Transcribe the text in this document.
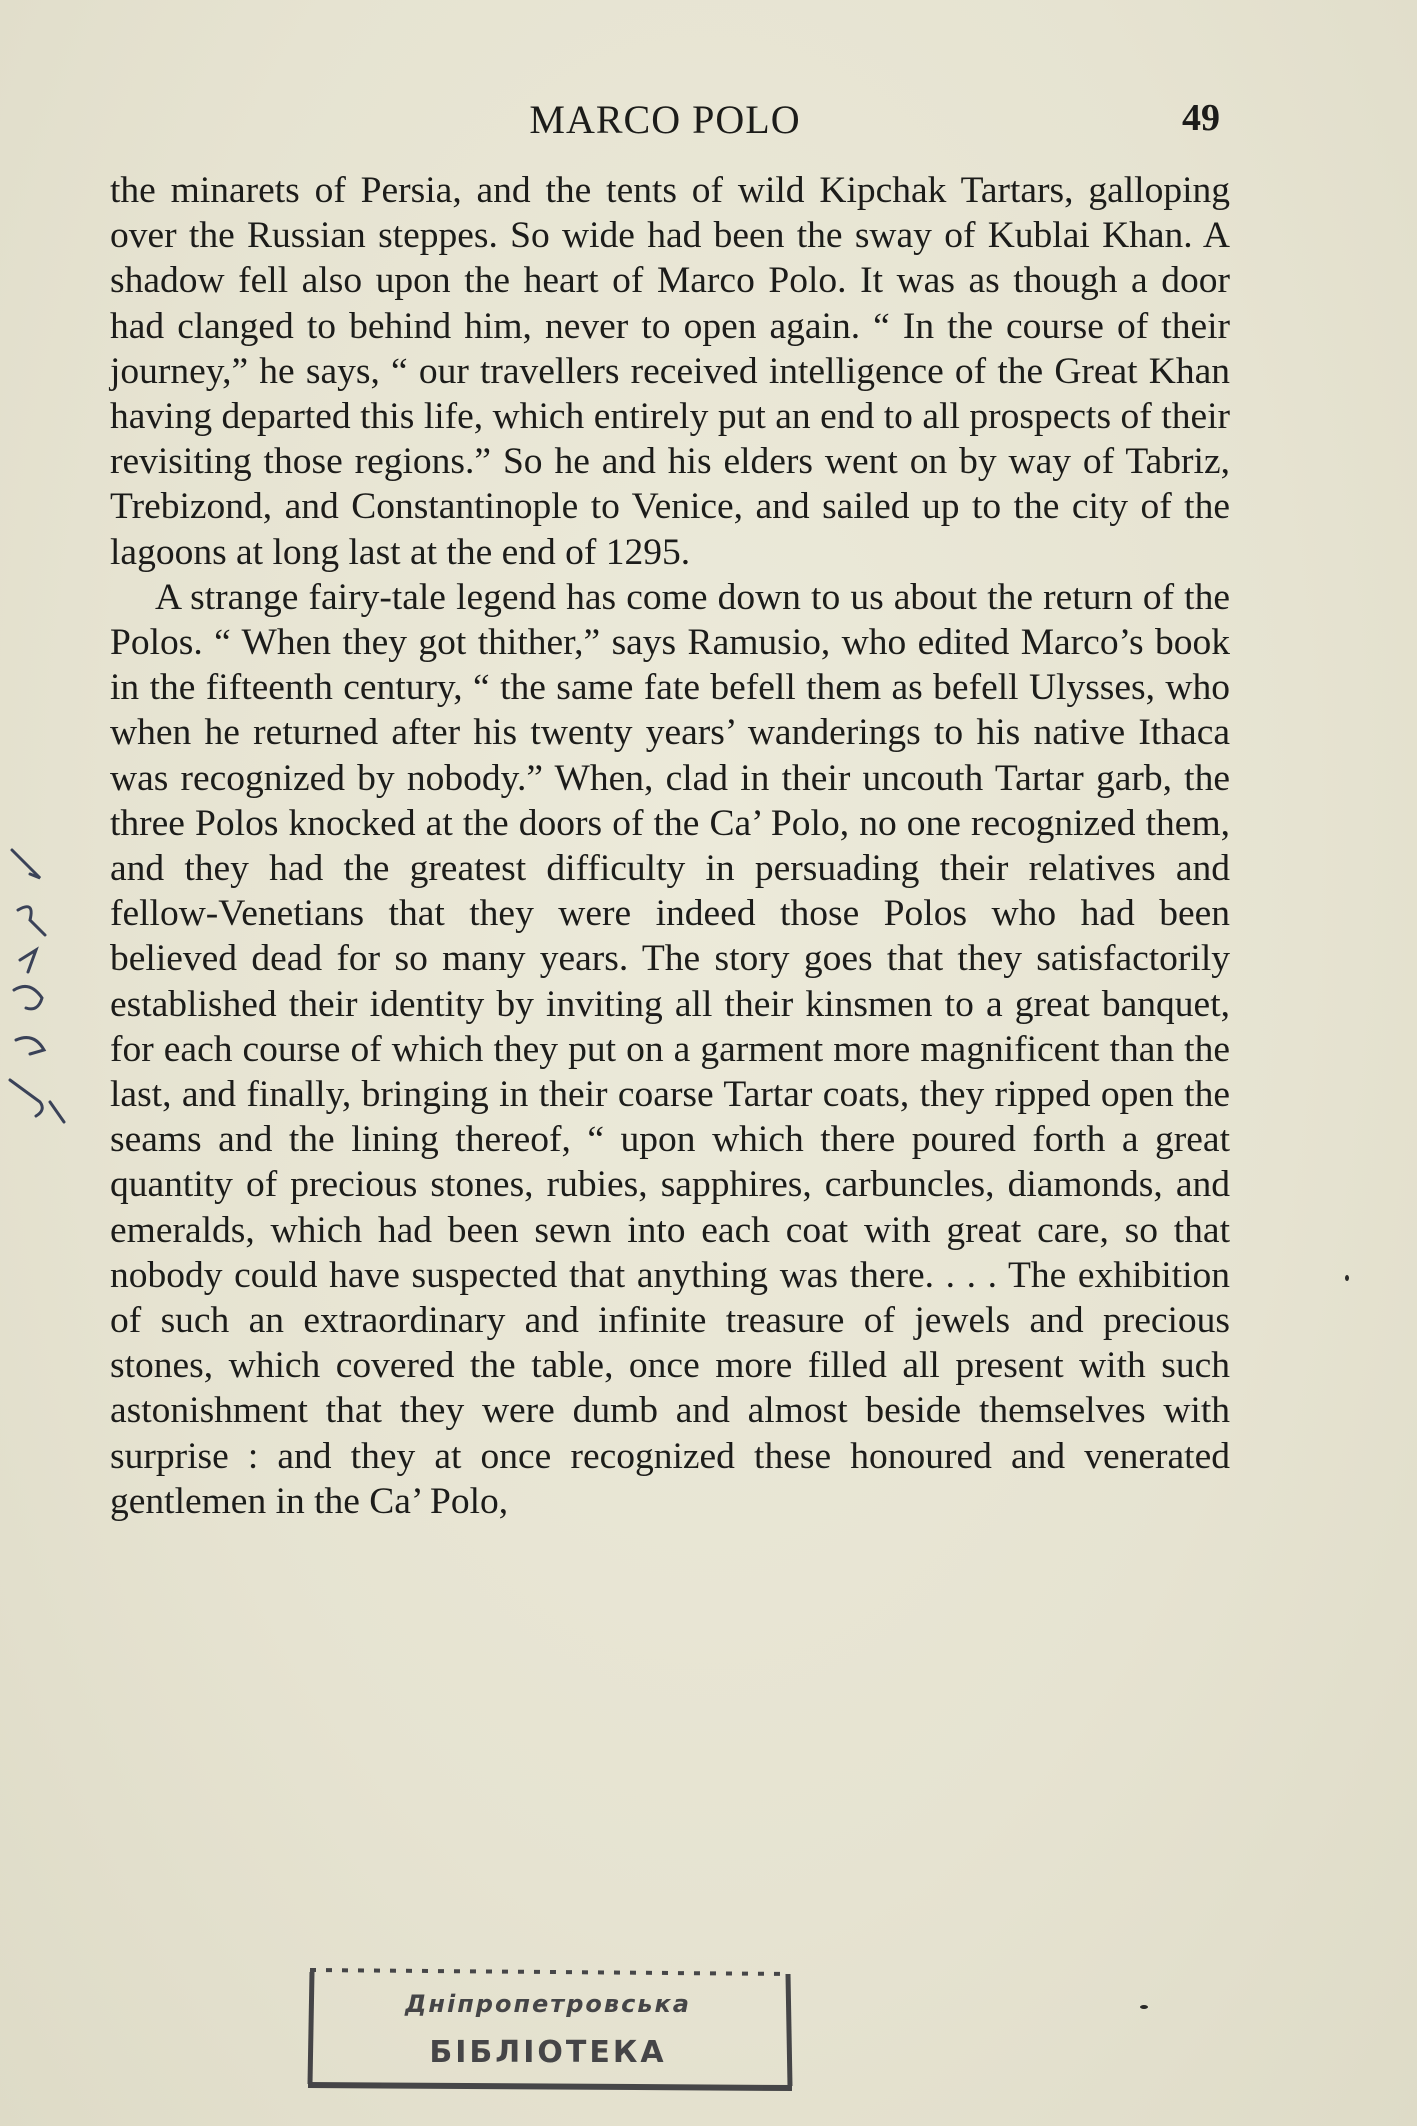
MARCO POLO	49

the minarets of Persia, and the tents of wild Kipchak Tartars, galloping over the Russian steppes. So wide had been the sway of Kublai Khan. A shadow fell also upon the heart of Marco Polo. It was as though a door had clanged to behind him, never to open again. “ In the course of their journey,” he says, “ our travellers received intelligence of the Great Khan having departed this life, which entirely put an end to all prospects of their revisiting those regions.” So he and his elders went on by way of Tabriz, Trebizond, and Constantinople to Venice, and sailed up to the city of the lagoons at long last at the end of 1295.

A strange fairy-tale legend has come down to us about the return of the Polos. “ When they got thither,” says Ramusio, who edited Marco’s book in the fifteenth century, “ the same fate befell them as befell Ulysses, who when he returned after his twenty years’ wanderings to his native Ithaca was recognized by nobody.” When, clad in their uncouth Tartar garb, the three Polos knocked at the doors of the Ca’ Polo, no one recognized them, and they had the greatest difficulty in persuading their relatives and fellow-Venetians that they were indeed those Polos who had been believed dead for so many years. The story goes that they satisfactorily established their identity by inviting all their kinsmen to a great banquet, for each course of which they put on a garment more magnificent than the last, and finally, bringing in their coarse Tartar coats, they ripped open the seams and the lining thereof, “ upon which there poured forth a great quantity of precious stones, rubies, sapphires, carbuncles, diamonds, and emeralds, which had been sewn into each coat with great care, so that nobody could have suspected that anything was there. . . . The exhibition of such an extraordinary and infinite treasure of jewels and precious stones, which covered the table, once more filled all present with such astonishment that they were dumb and almost beside themselves with surprise : and they at once recognized these honoured and venerated gentlemen in the Ca’ Polo,

Дніпропетровська
БІБЛІОТЕКА
